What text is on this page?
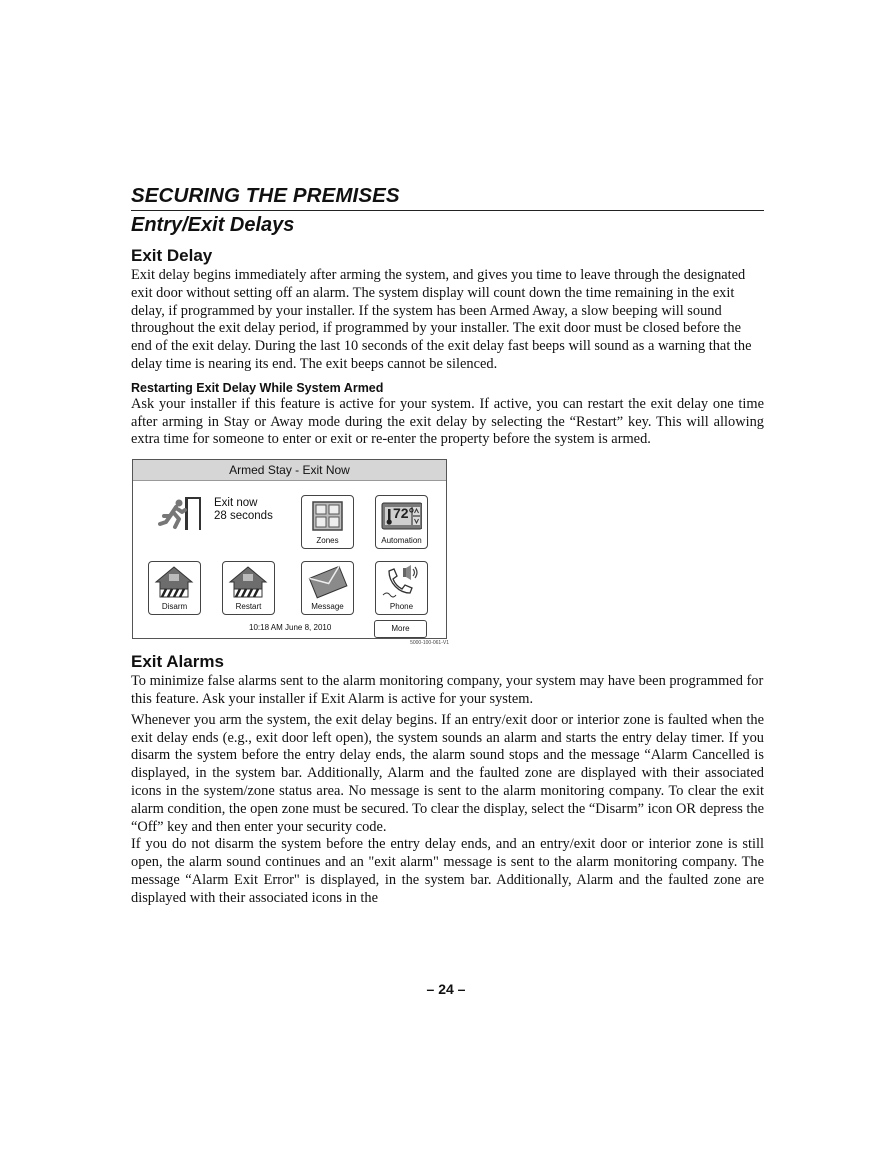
SECURING THE PREMISES
Entry/Exit Delays
Exit Delay

Exit delay begins immediately after arming the system, and gives you time to leave through the designated exit door without setting off an alarm. The system display will count down the time remaining in the exit delay, if programmed by your installer. If the system has been Armed Away, a slow beeping will sound throughout the exit delay period, if programmed by your installer. The exit door must be closed before the end of the exit delay. During the last 10 seconds of the exit delay fast beeps will sound as a warning that the delay time is nearing its end. The exit beeps cannot be silenced.

Restarting Exit Delay While System Armed

Ask your installer if this feature is active for your system. If active, you can restart the exit delay one time after arming in Stay or Away mode during the exit delay by selecting the “Restart” key. This will allowing extra time for someone to enter or exit or re-enter the property before the system is armed.

Armed Stay - Exit Now
Exit now
28 seconds
Zones
72°
Automation
Disarm	Restart	Message	Phone
10:18 AM June 8, 2010	More
5000-100-061-V1
Exit Alarms

To minimize false alarms sent to the alarm monitoring company, your system may have been programmed for this feature. Ask your installer if Exit Alarm is active for your system.

Whenever you arm the system, the exit delay begins. If an entry/exit door or interior zone is faulted when the exit delay ends (e.g., exit door left open), the system sounds an alarm and starts the entry delay timer. If you disarm the system before the entry delay ends, the alarm sound stops and the message “Alarm Cancelled is displayed, in the system bar. Additionally, Alarm and the faulted zone are displayed with their associated icons in the system/zone status area. No message is sent to the alarm monitoring company. To clear the exit alarm condition, the open zone must be secured. To clear the display, select the “Disarm” icon OR depress the “Off” key and then enter your security code.

If you do not disarm the system before the entry delay ends, and an entry/exit door or interior zone is still open, the alarm sound continues and an "exit alarm" message is sent to the alarm monitoring company. The message “Alarm Exit Error" is displayed, in the system bar. Additionally, Alarm and the faulted zone are displayed with their associated icons in the

– 24 –
